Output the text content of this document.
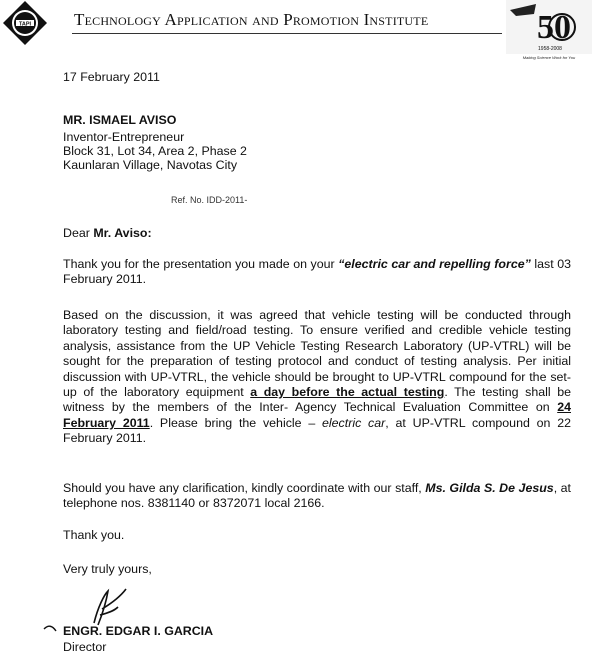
TAPI	Technology Application and Promotion Institute	50
1958-2008
Making Science Work for You
17 February 2011
MR. ISMAEL AVISO
Inventor-Entrepreneur
Block 31, Lot 34, Area 2, Phase 2
Kaunlaran Village, Navotas City
Ref. No. IDD-2011-
Dear Mr. Aviso:
Thank you for the presentation you made on your “electric car and repelling force” last 03 February 2011.
Based on the discussion, it was agreed that vehicle testing will be conducted through laboratory testing and field/road testing. To ensure verified and credible vehicle testing analysis, assistance from the UP Vehicle Testing Research Laboratory (UP-VTRL) will be sought for the preparation of testing protocol and conduct of testing analysis. Per initial discussion with UP-VTRL, the vehicle should be brought to UP-VTRL compound for the set-up of the laboratory equipment a day before the actual testing. The testing shall be witness by the members of the Inter- Agency Technical Evaluation Committee on 24 February 2011. Please bring the vehicle – electric car, at UP-VTRL compound on 22 February 2011.
Should you have any clarification, kindly coordinate with our staff, Ms. Gilda S. De Jesus, at telephone nos. 8381140 or 8372071 local 2166.
Thank you.
Very truly yours,
ENGR. EDGAR I. GARCIA
Director
